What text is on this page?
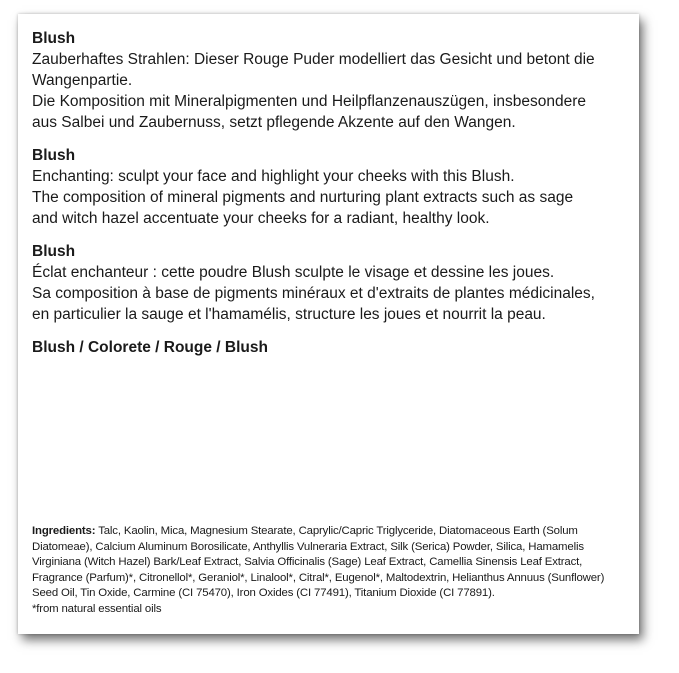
Blush

Zauberhaftes Strahlen: Dieser Rouge Puder modelliert das Gesicht und betont die

Wangenpartie.

Die Komposition mit Mineralpigmenten und Heilpflanzenauszügen, insbesondere

aus Salbei und Zaubernuss, setzt pflegende Akzente auf den Wangen.

Blush

Enchanting: sculpt your face and highlight your cheeks with this Blush.

The composition of mineral pigments and nurturing plant extracts such as sage

and witch hazel accentuate your cheeks for a radiant, healthy look.

Blush

Éclat enchanteur : cette poudre Blush sculpte le visage et dessine les joues.

Sa composition à base de pigments minéraux et d'extraits de plantes médicinales,

en particulier la sauge et l'hamamélis, structure les joues et nourrit la peau.

Blush / Colorete / Rouge / Blush

Ingredients: Talc, Kaolin, Mica, Magnesium Stearate, Caprylic/Capric Triglyceride, Diatomaceous Earth (Solum Diatomeae), Calcium Aluminum Borosilicate, Anthyllis Vulneraria Extract, Silk (Serica) Powder, Silica, Hamamelis Virginiana (Witch Hazel) Bark/Leaf Extract, Salvia Officinalis (Sage) Leaf Extract, Camellia Sinensis Leaf Extract, Fragrance (Parfum)*, Citronellol*, Geraniol*, Linalool*, Citral*, Eugenol*, Maltodextrin, Helianthus Annuus (Sunflower) Seed Oil, Tin Oxide, Carmine (CI 75470), Iron Oxides (CI 77491), Titanium Dioxide (CI 77891).
*from natural essential oils
